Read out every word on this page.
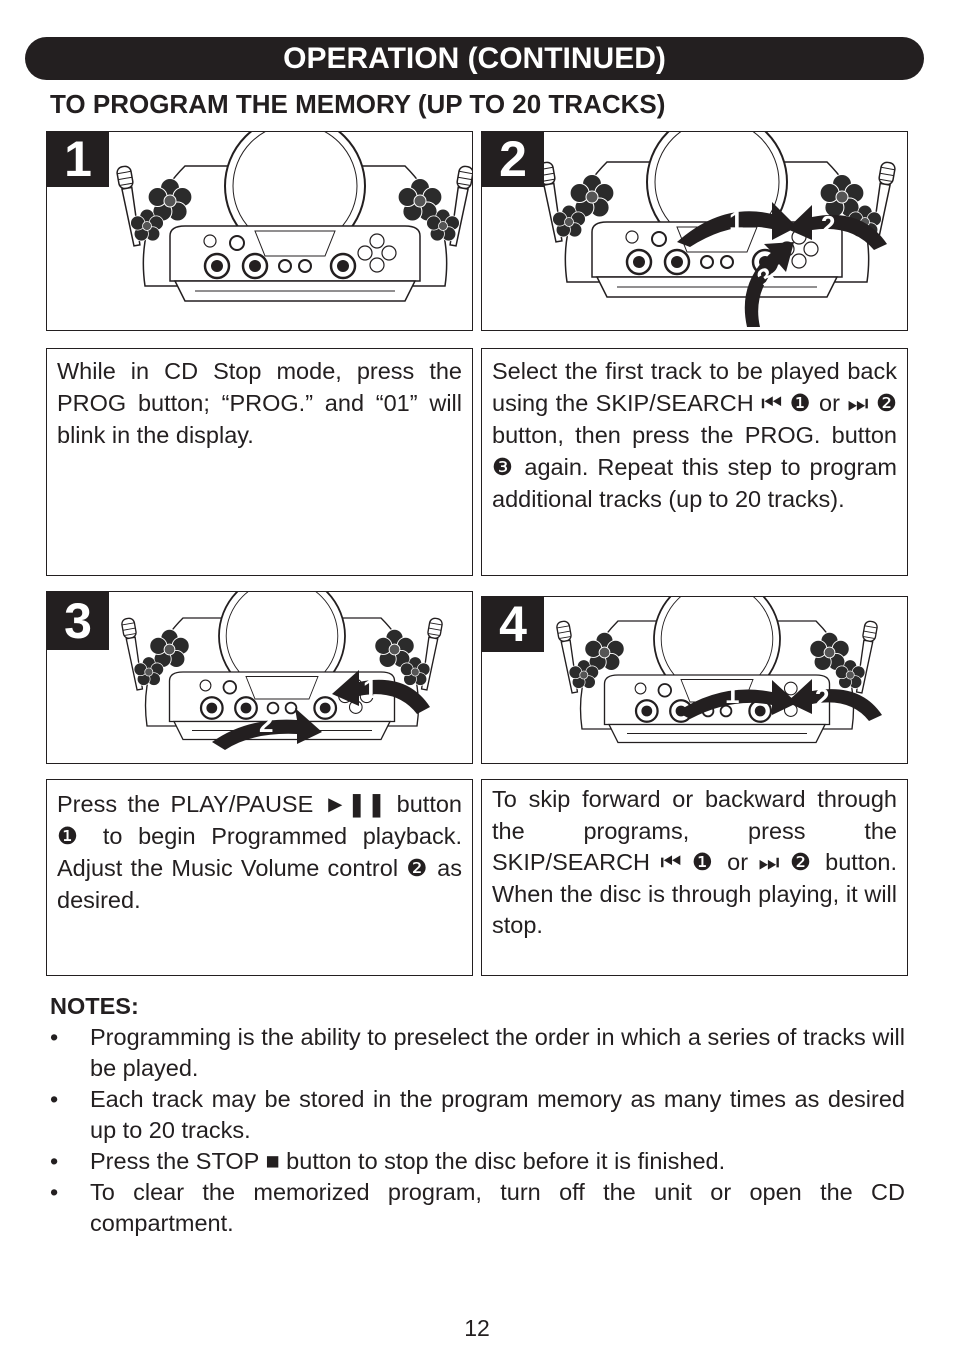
OPERATION (CONTINUED)
TO PROGRAM THE MEMORY (UP TO 20 TRACKS)
1
1	2
3
2
While in CD Stop mode, press the PROG button; “PROG.” and “01” will blink in the display.
Select the first track to be played back using the SKIP/SEARCH ⏮ ❶ or ⏭ ❷ button, then press the PROG. button ❸ again. Repeat this step to program additional tracks (up to 20 tracks).
1
2
3
1	2
4
Press the PLAY/PAUSE ►❚❚ button ❶ to begin Programmed playback. Adjust the Music Volume control ❷ as desired.
To skip forward or backward through the programs, press the SKIP/SEARCH ⏮ ❶ or ⏭ ❷ button. When the disc is through playing, it will stop.
NOTES:
• Programming is the ability to preselect the order in which a series of tracks will be played.
• Each track may be stored in the program memory as many times as desired up to 20 tracks.
• Press the STOP ■ button to stop the disc before it is finished.
• To clear the memorized program, turn off the unit or open the CD compartment.
12
